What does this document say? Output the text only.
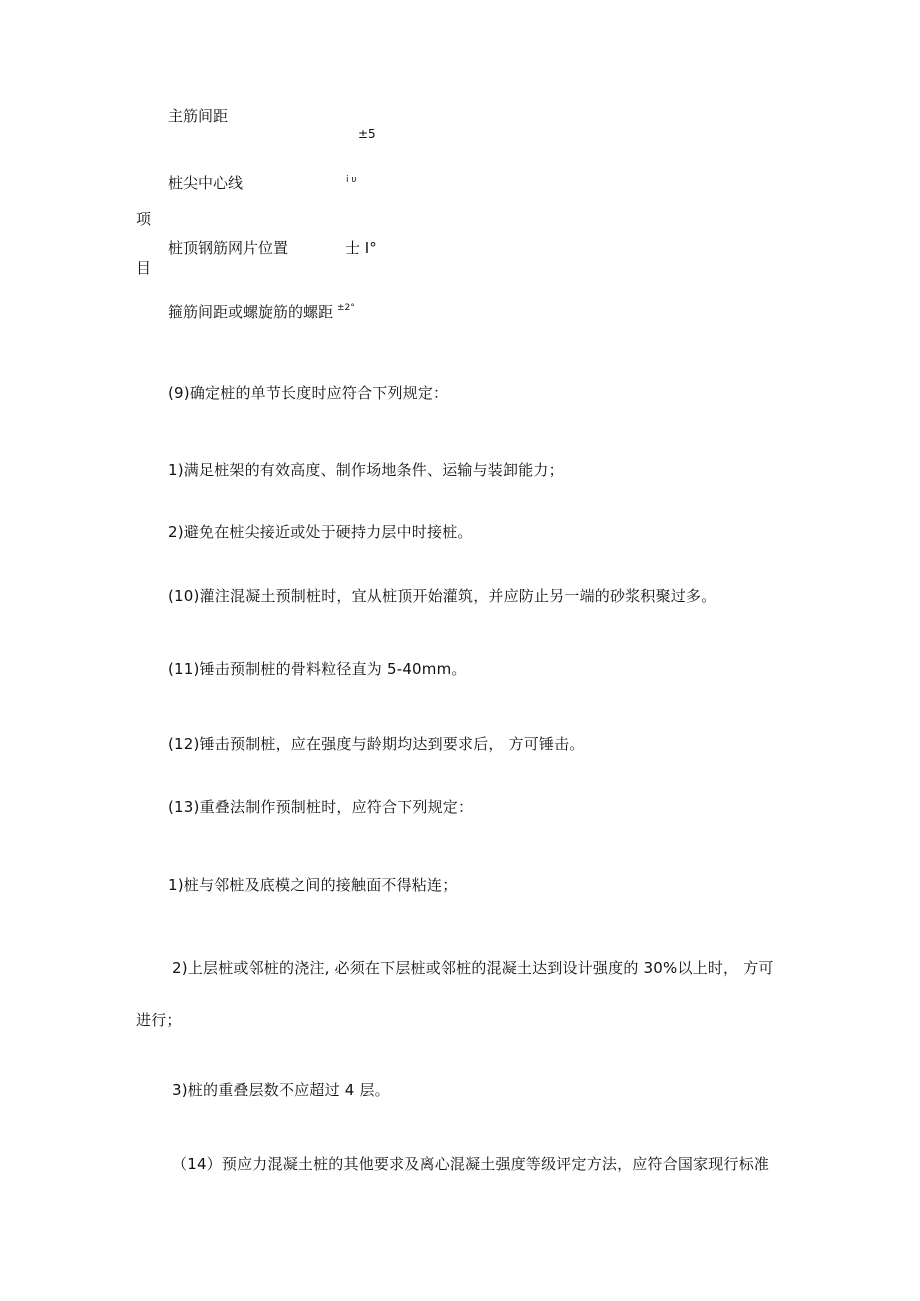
主筋间距
±5
桩尖中心线	i υ
项
桩顶钢筋网片位置	士 I°
目
箍筋间距或螺旋筋的螺距 ±2°

(9)确定桩的单节长度时应符合下列规定：

1)满足桩架的有效高度、制作场地条件、运输与装卸能力；

2)避免在桩尖接近或处于硬持力层中时接桩。

(10)灌注混凝土预制桩时，宜从桩顶开始灌筑，并应防止另一端的砂浆积聚过多。

(11)锤击预制桩的骨料粒径直为 5-40mm。

(12)锤击预制桩，应在强度与龄期均达到要求后， 方可锤击。

(13)重叠法制作预制桩时，应符合下列规定：

1)桩与邻桩及底模之间的接触面不得粘连；

2)上层桩或邻桩的浇注, 必须在下层桩或邻桩的混凝土达到设计强度的 30%以上时， 方可

进行；

3)桩的重叠层数不应超过 4 层。

（14）预应力混凝土桩的其他要求及离心混凝土强度等级评定方法，应符合国家现行标准
